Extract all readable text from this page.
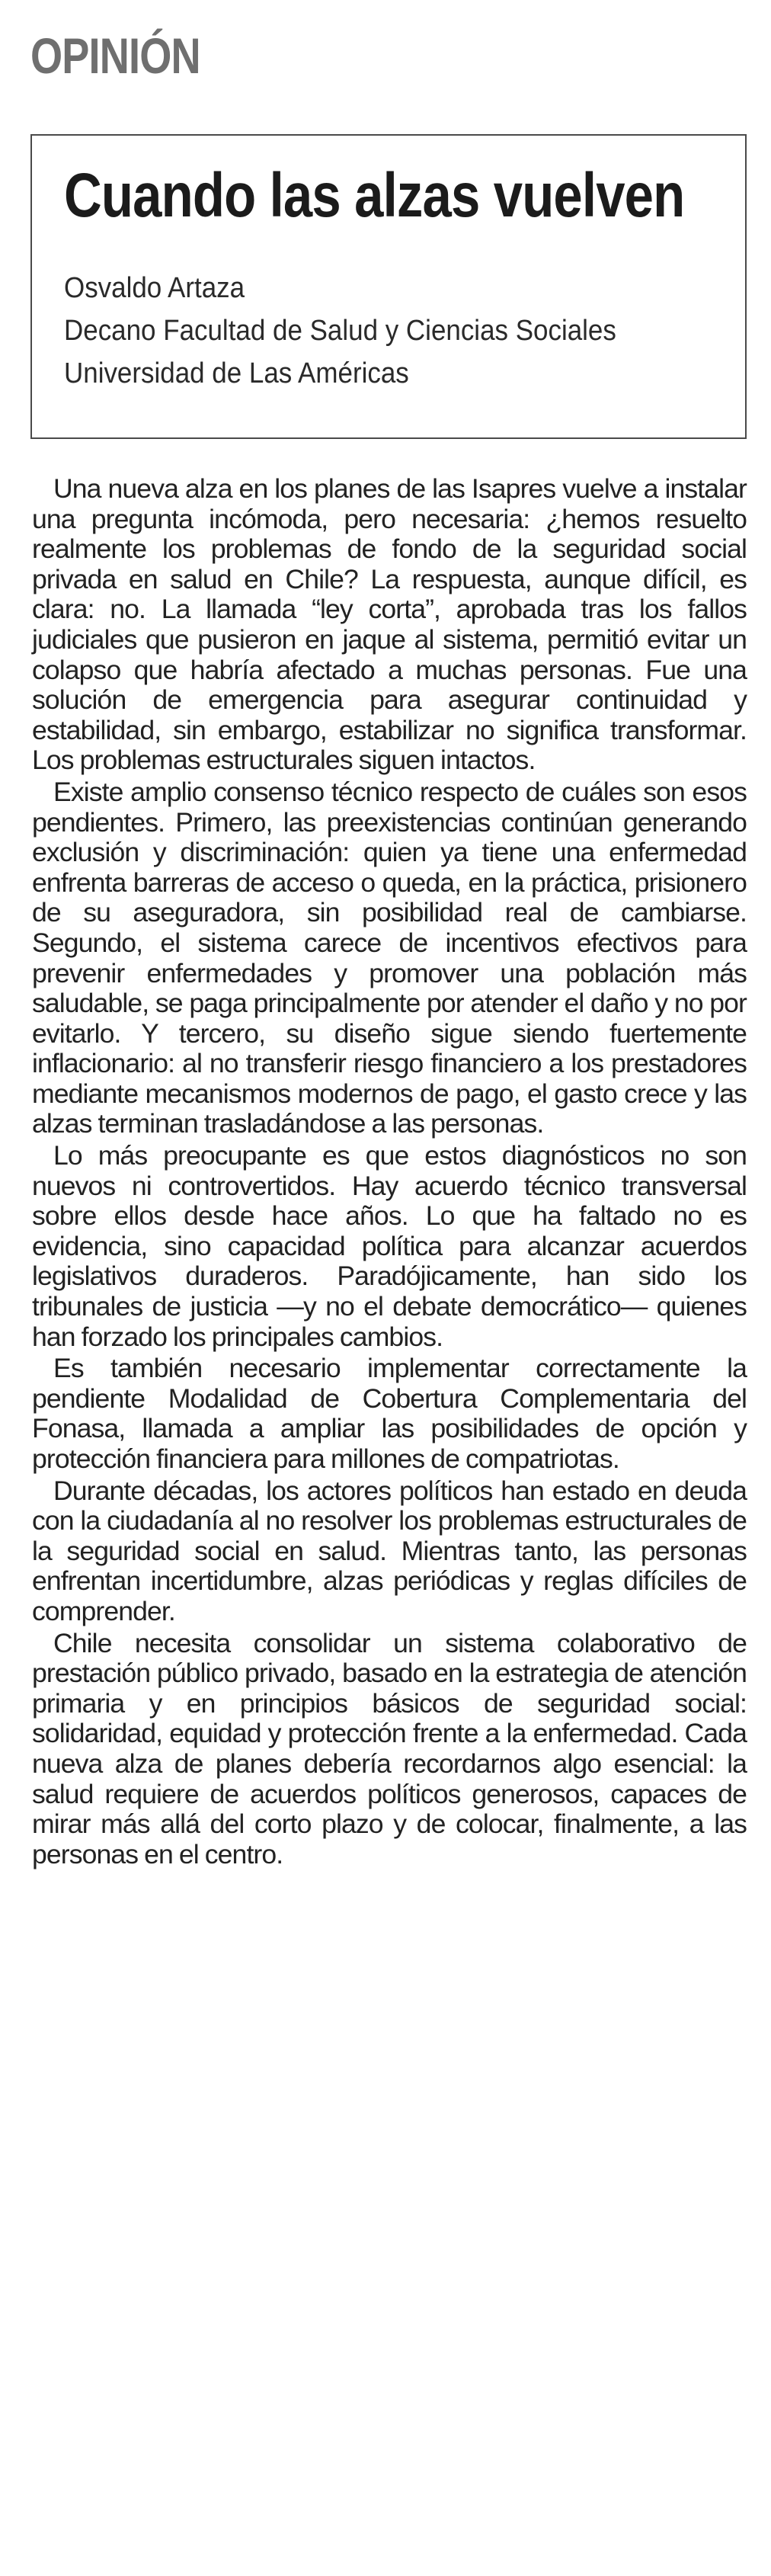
OPINIÓN
Cuando las alzas vuelven
Osvaldo Artaza
Decano Facultad de Salud y Ciencias Sociales
Universidad de Las Américas

Una nueva alza en los planes de las Isapres vuelve a instalar una pregunta incómoda, pero necesaria: ¿hemos resuelto realmente los problemas de fondo de la seguridad social privada en salud en Chile? La respuesta, aunque difícil, es clara: no. La llamada “ley corta”, aprobada tras los fallos judiciales que pusieron en jaque al sistema, permitió evitar un colapso que habría afectado a muchas personas. Fue una solución de emergencia para asegurar continuidad y estabilidad, sin embargo, estabilizar no significa transformar. Los problemas estructurales siguen intactos.

Existe amplio consenso técnico respecto de cuáles son esos pendientes. Primero, las preexistencias continúan generando exclusión y discriminación: quien ya tiene una enfermedad enfrenta barreras de acceso o queda, en la práctica, prisionero de su aseguradora, sin posibilidad real de cambiarse. Segundo, el sistema carece de incentivos efectivos para prevenir enfermedades y promover una población más saludable, se paga principalmente por atender el daño y no por evitarlo. Y tercero, su diseño sigue siendo fuertemente inflacionario: al no transferir riesgo financiero a los prestadores mediante mecanismos modernos de pago, el gasto crece y las alzas terminan trasladándose a las personas.

Lo más preocupante es que estos diagnósticos no son nuevos ni controvertidos. Hay acuerdo técnico transversal sobre ellos desde hace años. Lo que ha faltado no es evidencia, sino capacidad política para alcanzar acuerdos legislativos duraderos. Paradójicamente, han sido los tribunales de justicia —y no el debate democrático— quienes han forzado los principales cambios.

Es también necesario implementar correctamente la pendiente Modalidad de Cobertura Complementaria del Fonasa, llamada a ampliar las posibilidades de opción y protección financiera para millones de compatriotas.

Durante décadas, los actores políticos han estado en deuda con la ciudadanía al no resolver los problemas estructurales de la seguridad social en salud. Mientras tanto, las personas enfrentan incertidumbre, alzas periódicas y reglas difíciles de comprender.

Chile necesita consolidar un sistema colaborativo de prestación público privado, basado en la estrategia de atención primaria y en principios básicos de seguridad social: solidaridad, equidad y protección frente a la enfermedad. Cada nueva alza de planes debería recordarnos algo esencial: la salud requiere de acuerdos políticos generosos, capaces de mirar más allá del corto plazo y de colocar, finalmente, a las personas en el centro.
